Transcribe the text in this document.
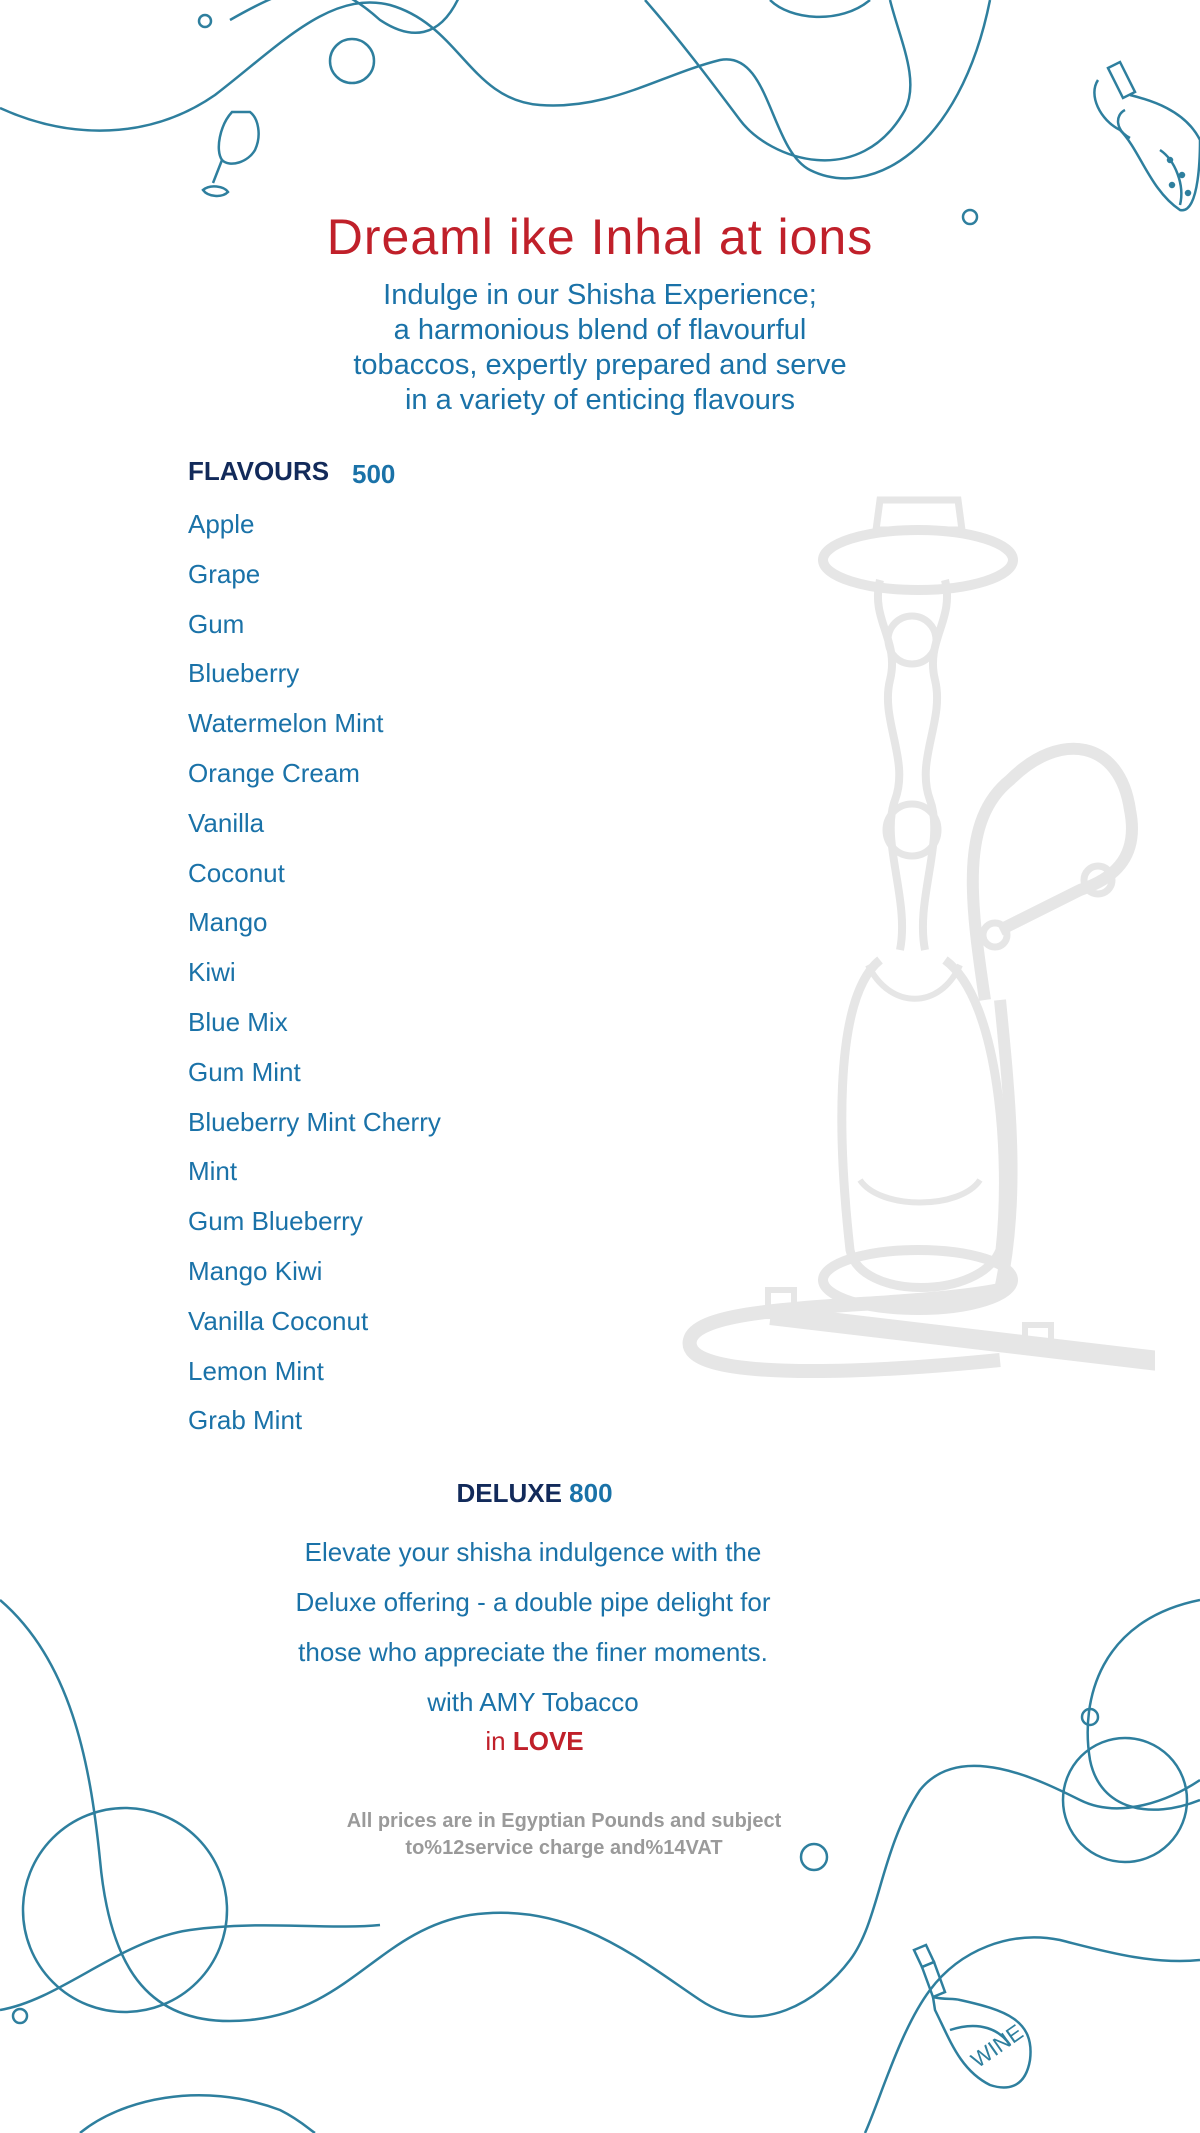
WINE
Dreaml ike Inhal at ions
Indulge in our Shisha Experience;
a harmonious blend of flavourful
tobaccos, expertly prepared and serve
in a variety of enticing flavours
FLAVOURS 500
Apple
Grape
Gum
Blueberry
Watermelon Mint
Orange Cream
Vanilla
Coconut
Mango
Kiwi
Blue Mix
Gum Mint
Blueberry Mint Cherry
Mint
Gum Blueberry
Mango Kiwi
Vanilla Coconut
Lemon Mint
Grab Mint
DELUXE 800
Elevate your shisha indulgence with the
Deluxe offering - a double pipe delight for
those who appreciate the finer moments.
with AMY Tobacco
in LOVE
All prices are in Egyptian Pounds and subject
to%12service charge and%14VAT
